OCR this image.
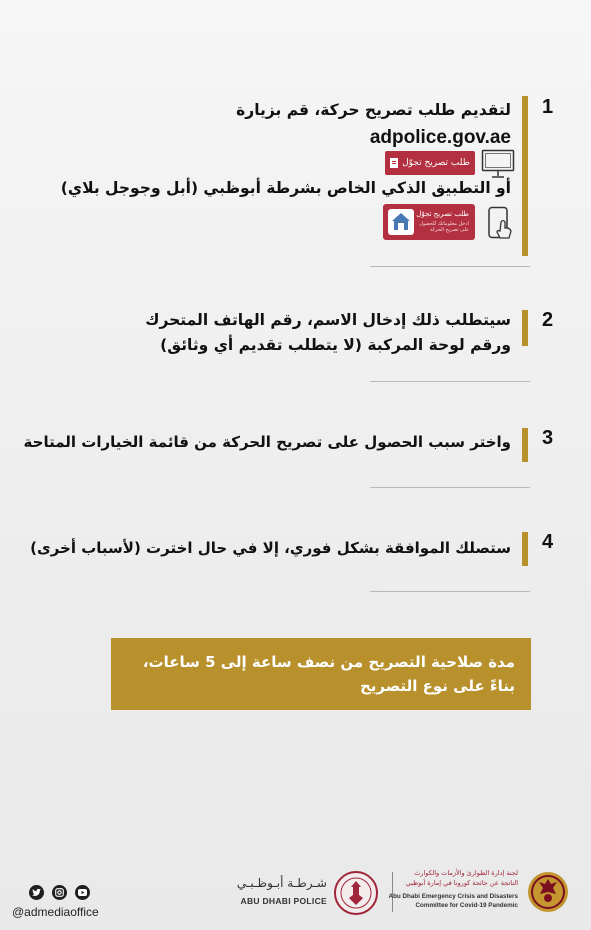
1
لتقديم طلب تصريح حركة، قم بزيارة
adpolice.gov.ae
طلب تصريح تجوّل
أو التطبيق الذكي الخاص بشرطة أبوظبي (أبل وجوجل بلاي)
طلب تصريح تجوّل
ادخل معلوماتك للحصول على تصريح الحركة
2
سيتطلب ذلك إدخال الاسم، رقم الهاتف المتحرك
ورقم لوحة المركبة (لا يتطلب تقديم أي وثائق)
3
واختر سبب الحصول على تصريح الحركة من قائمة الخيارات المتاحة
4
ستصلك الموافقة بشكل فوري، إلا في حال اخترت (لأسباب أخرى)
مدة صلاحية التصريح من نصف ساعة إلى 5 ساعات،
بناءً على نوع التصريح
@admediaoffice
شـرطـة أبـوظـبـي
ABU DHABI POLICE
لجنة إدارة الطوارئ والأزمات والكوارث
الناتجة عن جائحة كورونا في إمارة أبوظبي
Abu Dhabi Emergency Crisis and Disasters
Committee for Covid-19 Pandemic
